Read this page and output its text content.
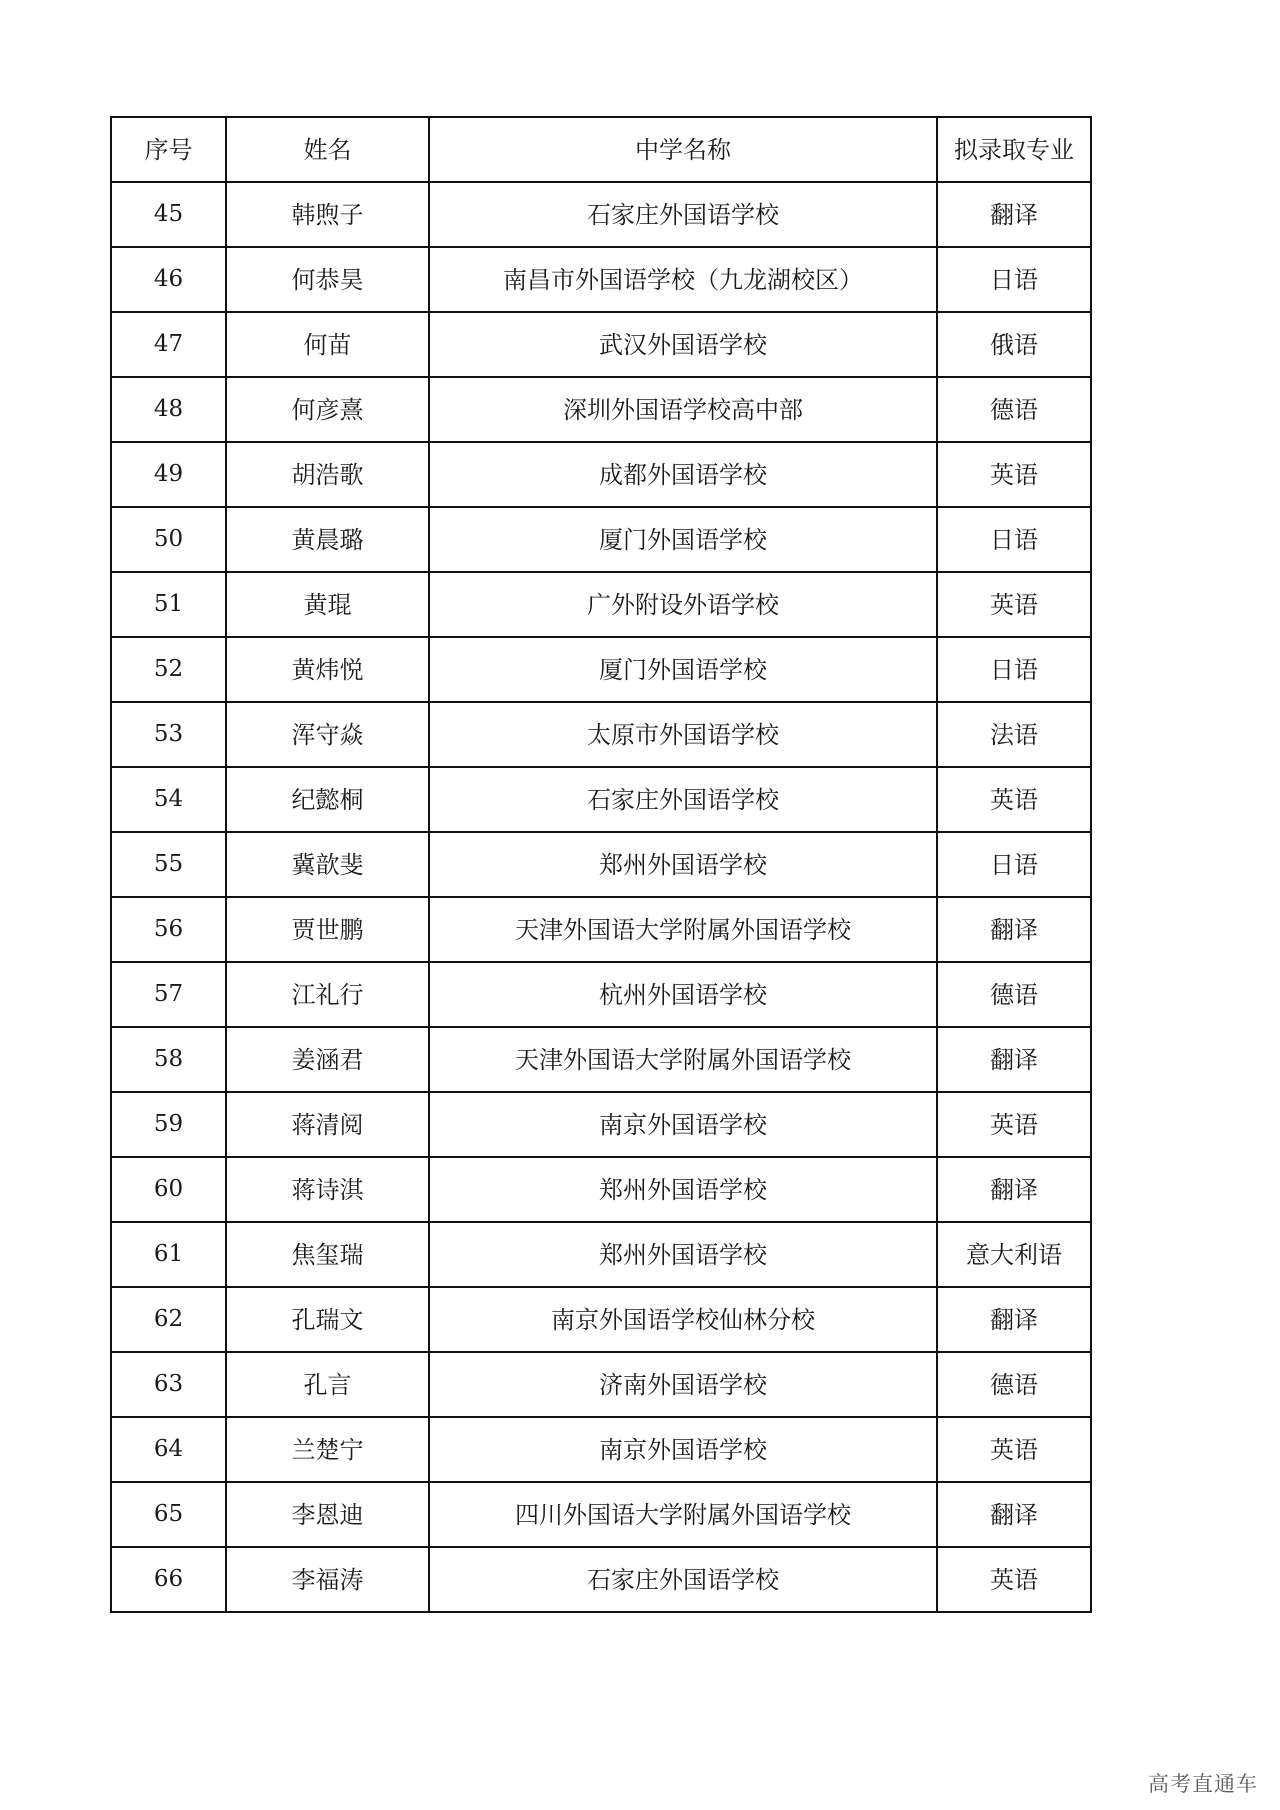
序号	姓名	中学名称	拟录取专业
45	韩煦子	石家庄外国语学校	翻译
46	何恭昊	南昌市外国语学校（九龙湖校区）	日语
47	何苗	武汉外国语学校	俄语
48	何彦熹	深圳外国语学校高中部	德语
49	胡浩歌	成都外国语学校	英语
50	黄晨璐	厦门外国语学校	日语
51	黄琨	广外附设外语学校	英语
52	黄炜悦	厦门外国语学校	日语
53	浑守焱	太原市外国语学校	法语
54	纪懿桐	石家庄外国语学校	英语
55	冀歆斐	郑州外国语学校	日语
56	贾世鹏	天津外国语大学附属外国语学校	翻译
57	江礼行	杭州外国语学校	德语
58	姜涵君	天津外国语大学附属外国语学校	翻译
59	蒋清阅	南京外国语学校	英语
60	蒋诗淇	郑州外国语学校	翻译
61	焦玺瑞	郑州外国语学校	意大利语
62	孔瑞文	南京外国语学校仙林分校	翻译
63	孔言	济南外国语学校	德语
64	兰楚宁	南京外国语学校	英语
65	李恩迪	四川外国语大学附属外国语学校	翻译
66	李福涛	石家庄外国语学校	英语
高考直通车
